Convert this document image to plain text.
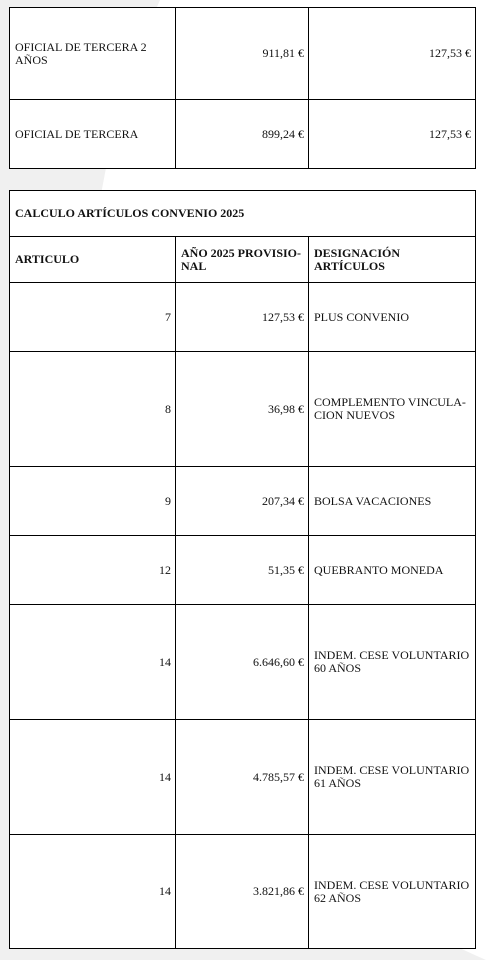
OFICIAL DE TERCERA 2 AÑOS	911,81 €	127,53 €
OFICIAL DE TERCERA	899,24 €	127,53 €
CALCULO ARTÍCULOS CONVENIO 2025		
ARTICULO	AÑO 2025 PROVISIO-NAL	DESIGNACIÓN ARTÍCULOS
7	127,53 €	PLUS CONVENIO
8	36,98 €	COMPLEMENTO VINCULA-CION NUEVOS
9	207,34 €	BOLSA VACACIONES
12	51,35 €	QUEBRANTO MONEDA
14	6.646,60 €	INDEM. CESE VOLUNTARIO 60 AÑOS
14	4.785,57 €	INDEM. CESE VOLUNTARIO 61 AÑOS
14	3.821,86 €	INDEM. CESE VOLUNTARIO 62 AÑOS
